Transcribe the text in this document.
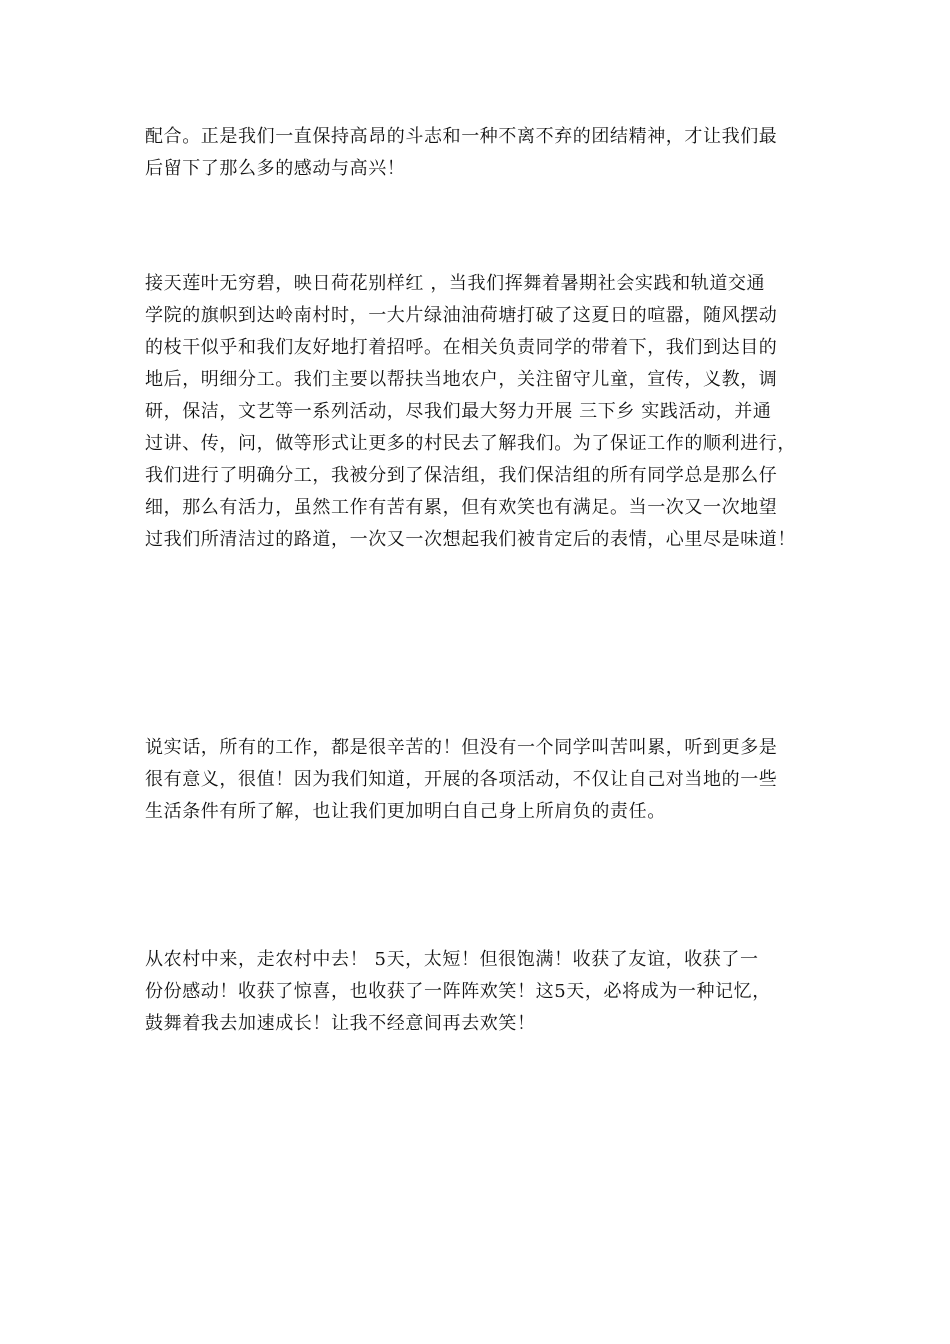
配合。正是我们一直保持高昂的斗志和一种不离不弃的团结精神，才让我们最
后留下了那么多的感动与高兴！

接天莲叶无穷碧，映日荷花别样红 ，当我们挥舞着暑期社会实践和轨道交通
学院的旗帜到达岭南村时，一大片绿油油荷塘打破了这夏日的喧嚣，随风摆动
的枝干似乎和我们友好地打着招呼。在相关负责同学的带着下，我们到达目的
地后，明细分工。我们主要以帮扶当地农户，关注留守儿童，宣传，义教，调
研，保洁，文艺等一系列活动，尽我们最大努力开展 三下乡 实践活动，并通
过讲、传，问，做等形式让更多的村民去了解我们。为了保证工作的顺利进行，
我们进行了明确分工，我被分到了保洁组，我们保洁组的所有同学总是那么仔
细，那么有活力，虽然工作有苦有累，但有欢笑也有满足。当一次又一次地望
过我们所清洁过的路道，一次又一次想起我们被肯定后的表情，心里尽是味道！

说实话，所有的工作，都是很辛苦的！但没有一个同学叫苦叫累，听到更多是
很有意义，很值！因为我们知道，开展的各项活动，不仅让自己对当地的一些
生活条件有所了解，也让我们更加明白自己身上所肩负的责任。

从农村中来，走农村中去！ 5天，太短！但很饱满！收获了友谊，收获了一
份份感动！收获了惊喜，也收获了一阵阵欢笑！这5天，必将成为一种记忆，
鼓舞着我去加速成长！让我不经意间再去欢笑！
